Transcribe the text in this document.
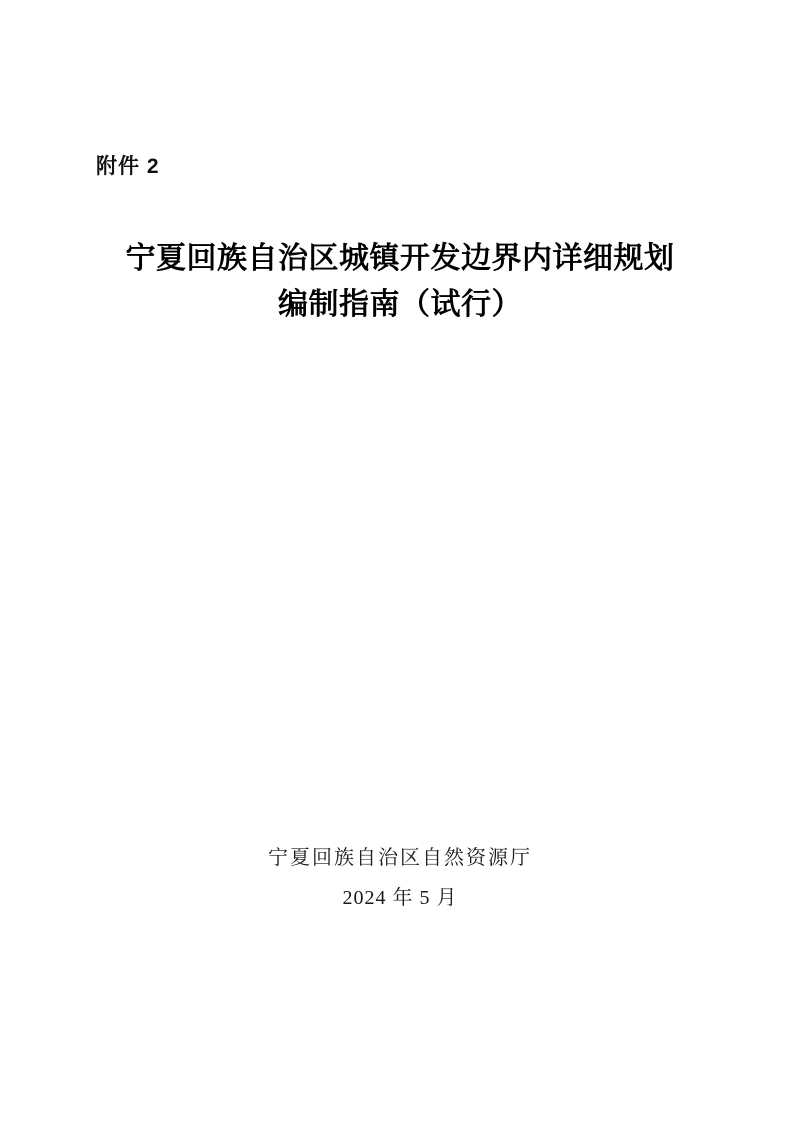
附件 2
宁夏回族自治区城镇开发边界内详细规划
编制指南（试行）
宁夏回族自治区自然资源厅
2024 年 5 月
